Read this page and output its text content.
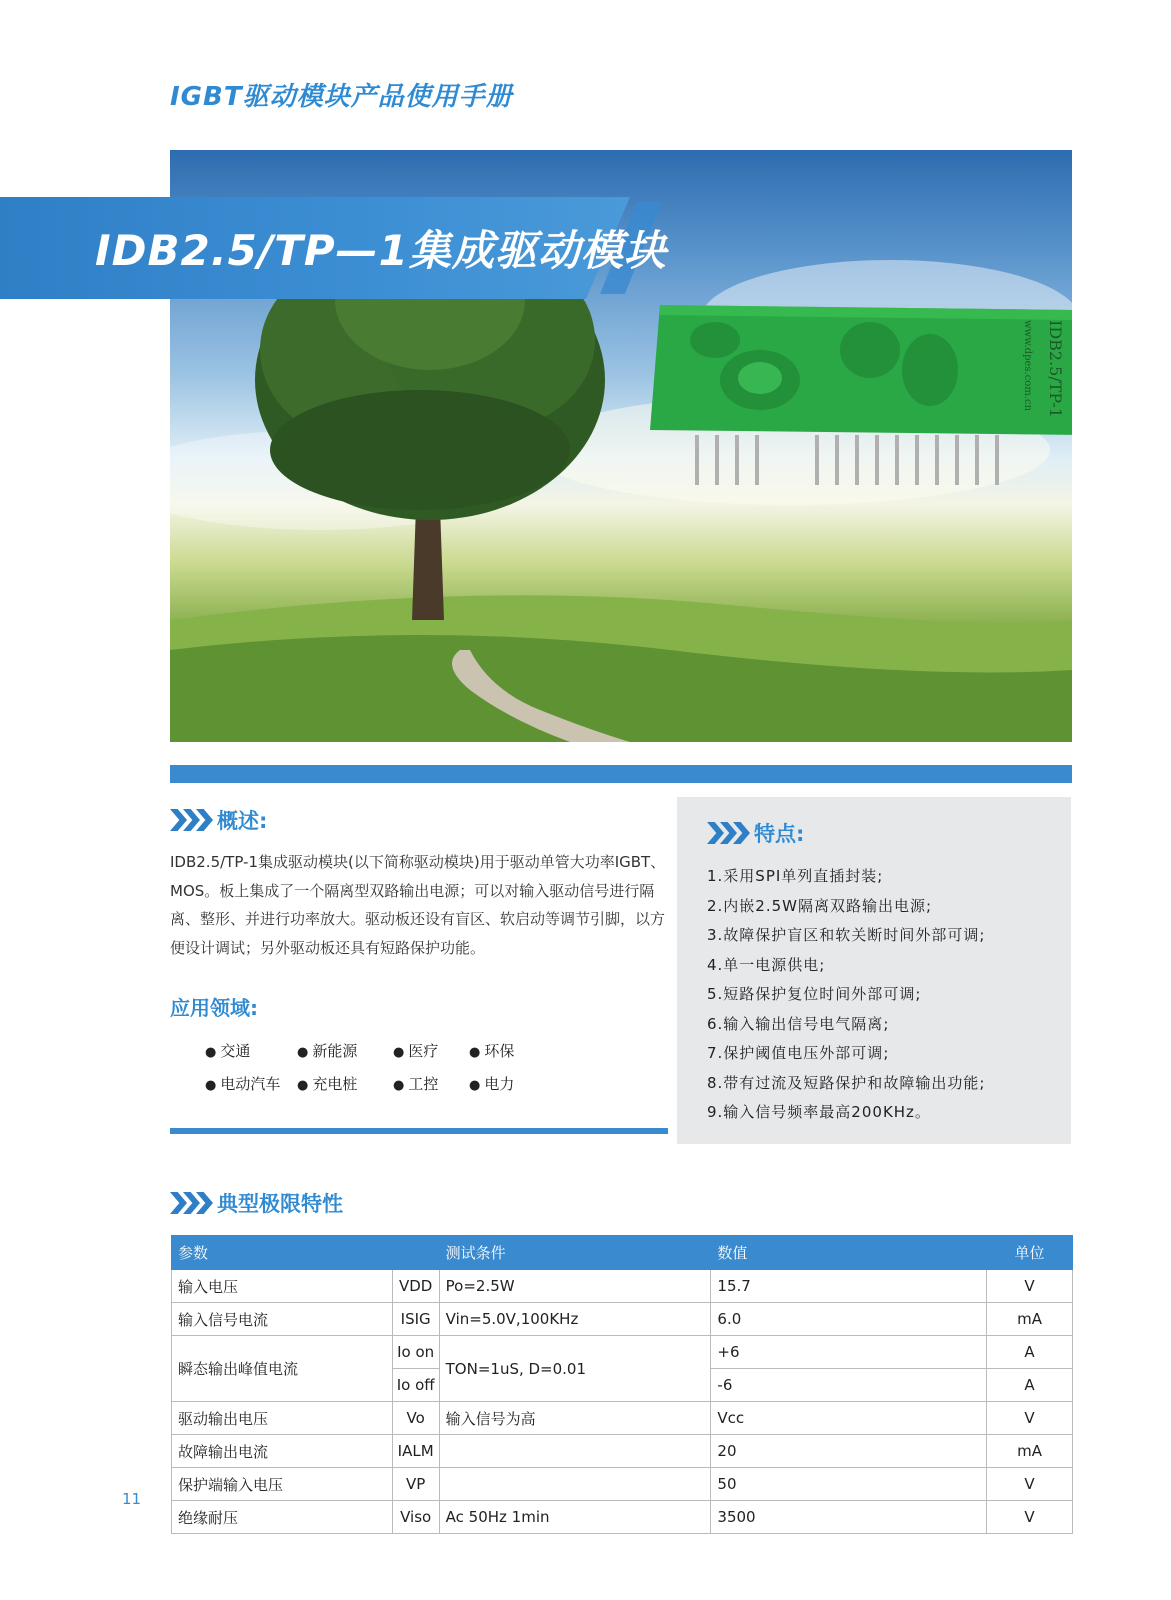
IGBT驱动模块产品使用手册
IDB2.5/TP-1
www.dpes.com.cn
IDB2.5/TP—1集成驱动模块
概述:
IDB2.5/TP-1集成驱动模块(以下简称驱动模块)用于驱动单管大功率IGBT、MOS。板上集成了一个隔离型双路输出电源；可以对输入驱动信号进行隔离、整形、并进行功率放大。驱动板还设有盲区、软启动等调节引脚，以方便设计调试；另外驱动板还具有短路保护功能。
应用领域:
● 交通	● 新能源	● 医疗	● 环保
● 电动汽车	● 充电桩	● 工控	● 电力
特点:
1.采用SPI单列直插封装;
2.内嵌2.5W隔离双路输出电源;
3.故障保护盲区和软关断时间外部可调;
4.单一电源供电;
5.短路保护复位时间外部可调;
6.输入输出信号电气隔离;
7.保护阈值电压外部可调;
8.带有过流及短路保护和故障输出功能;
9.输入信号频率最高200KHz。
典型极限特性
参数		测试条件	数值	单位
输入电压	VDD	Po=2.5W	15.7	V
输入信号电流	ISIG	Vin=5.0V,100KHz	6.0	mA
瞬态输出峰值电流	Io on	TON=1uS, D=0.01	+6	A
	Io off		-6	A
驱动输出电压	Vo	输入信号为高	Vcc	V
故障输出电流	IALM		20	mA
保护端输入电压	VP		50	V
绝缘耐压	Viso	Ac 50Hz 1min	3500	V
11
